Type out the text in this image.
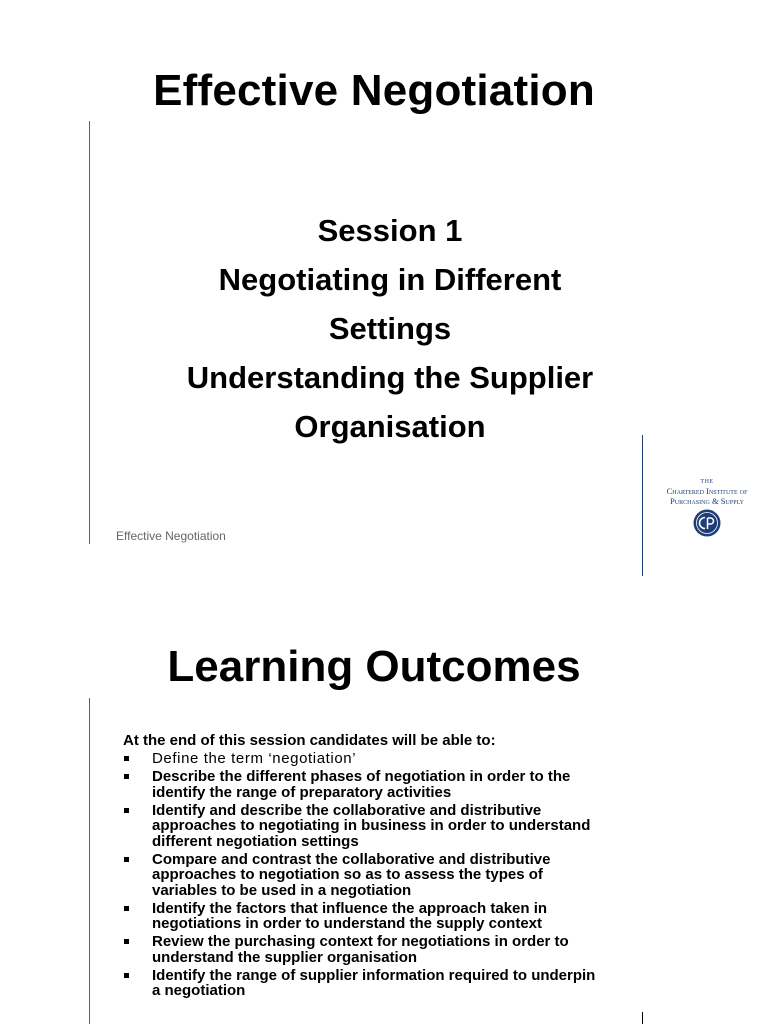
Effective Negotiation
Session 1
Negotiating in Different
Settings
Understanding the Supplier
Organisation
Effective Negotiation
THE
Chartered Institute of
Purchasing & Supply
Learning Outcomes
At the end of this session candidates will be able to:
Define the term ‘negotiation’
Describe the different phases of negotiation in order to the
identify the range of preparatory activities
Identify and describe the collaborative and distributive
approaches to negotiating in business in order to understand
different negotiation settings
Compare and contrast the collaborative and distributive
approaches to negotiation so as to assess the types of
variables to be used in a negotiation
Identify the factors that influence the approach taken in
negotiations in order to understand the supply context
Review the purchasing context for negotiations in order to
understand the supplier organisation
Identify the range of supplier information required to underpin
a negotiation
